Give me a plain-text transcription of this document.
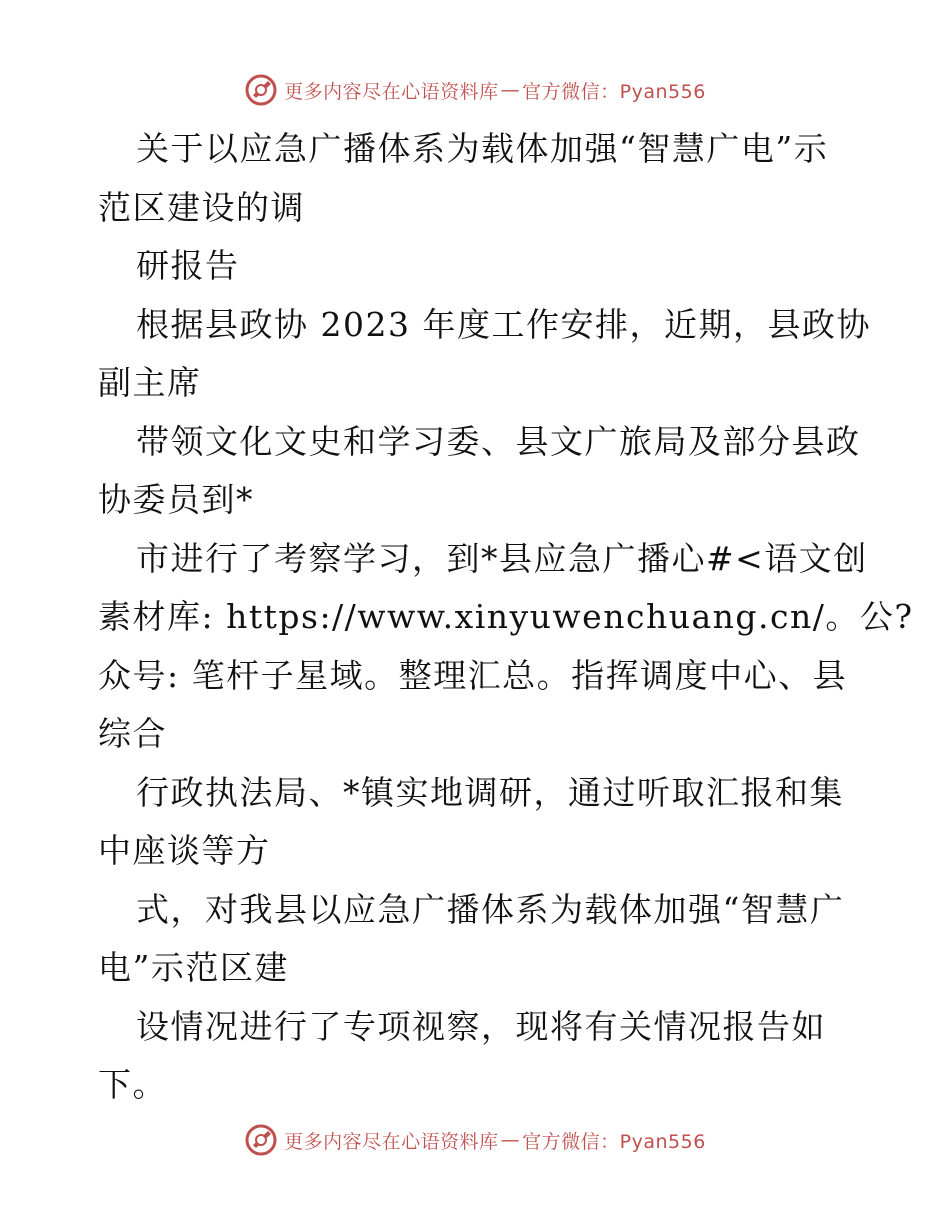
更多内容尽在心语资料库 — 官方微信：Pyan556
关于以应急广播体系为载体加强“智慧广电”示
范区建设的调
研报告
根据县政协 2023 年度工作安排，近期，县政协
副主席
带领文化文史和学习委、县文广旅局及部分县政
协委员到*
市进行了考察学习，到*县应急广播心#<语文创
素材库: https://www.xinyuwenchuang.cn/。公?
众号: 笔杆子星域。整理汇总。指挥调度中心、县
综合
行政执法局、*镇实地调研，通过听取汇报和集
中座谈等方
式，对我县以应急广播体系为载体加强“智慧广
电”示范区建
设情况进行了专项视察，现将有关情况报告如
下。
更多内容尽在心语资料库 — 官方微信：Pyan556
